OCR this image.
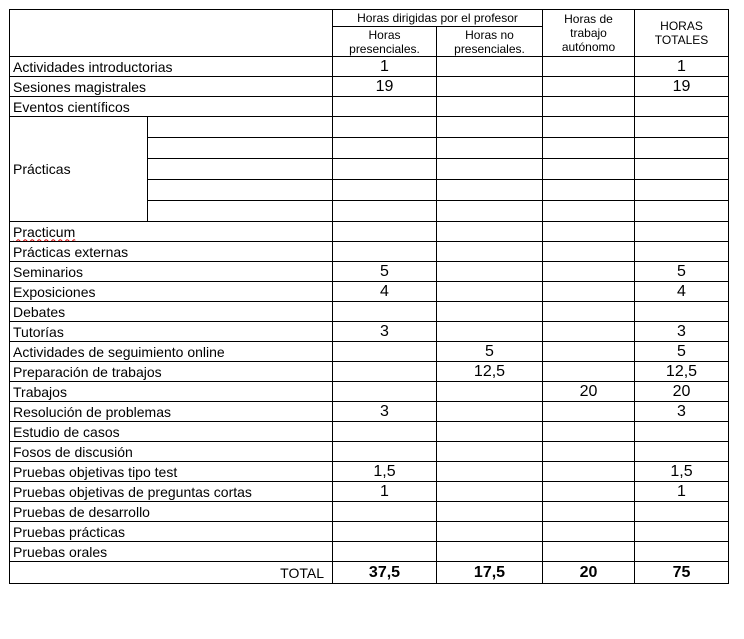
		Horas dirigidas por el profesor		Horas de trabajo autónomo	HORAS TOTALES
		Horas presenciales.	Horas no presenciales.		
Actividades introductorias		1			1
Sesiones magistrales		19			19
Eventos científicos					
Prácticas					

Practicum					
Prácticas externas					
Seminarios		5			5
Exposiciones		4			4
Debates					
Tutorías		3			3
Actividades de seguimiento online			5		5
Preparación de trabajos			12,5		12,5
Trabajos				20	20
Resolución de problemas		3			3
Estudio de casos					
Fosos de discusión					
Pruebas objetivas tipo test		1,5			1,5
Pruebas objetivas de preguntas cortas		1			1
Pruebas de desarrollo					
Pruebas prácticas					
Pruebas orales					
TOTAL		37,5	17,5	20	75
